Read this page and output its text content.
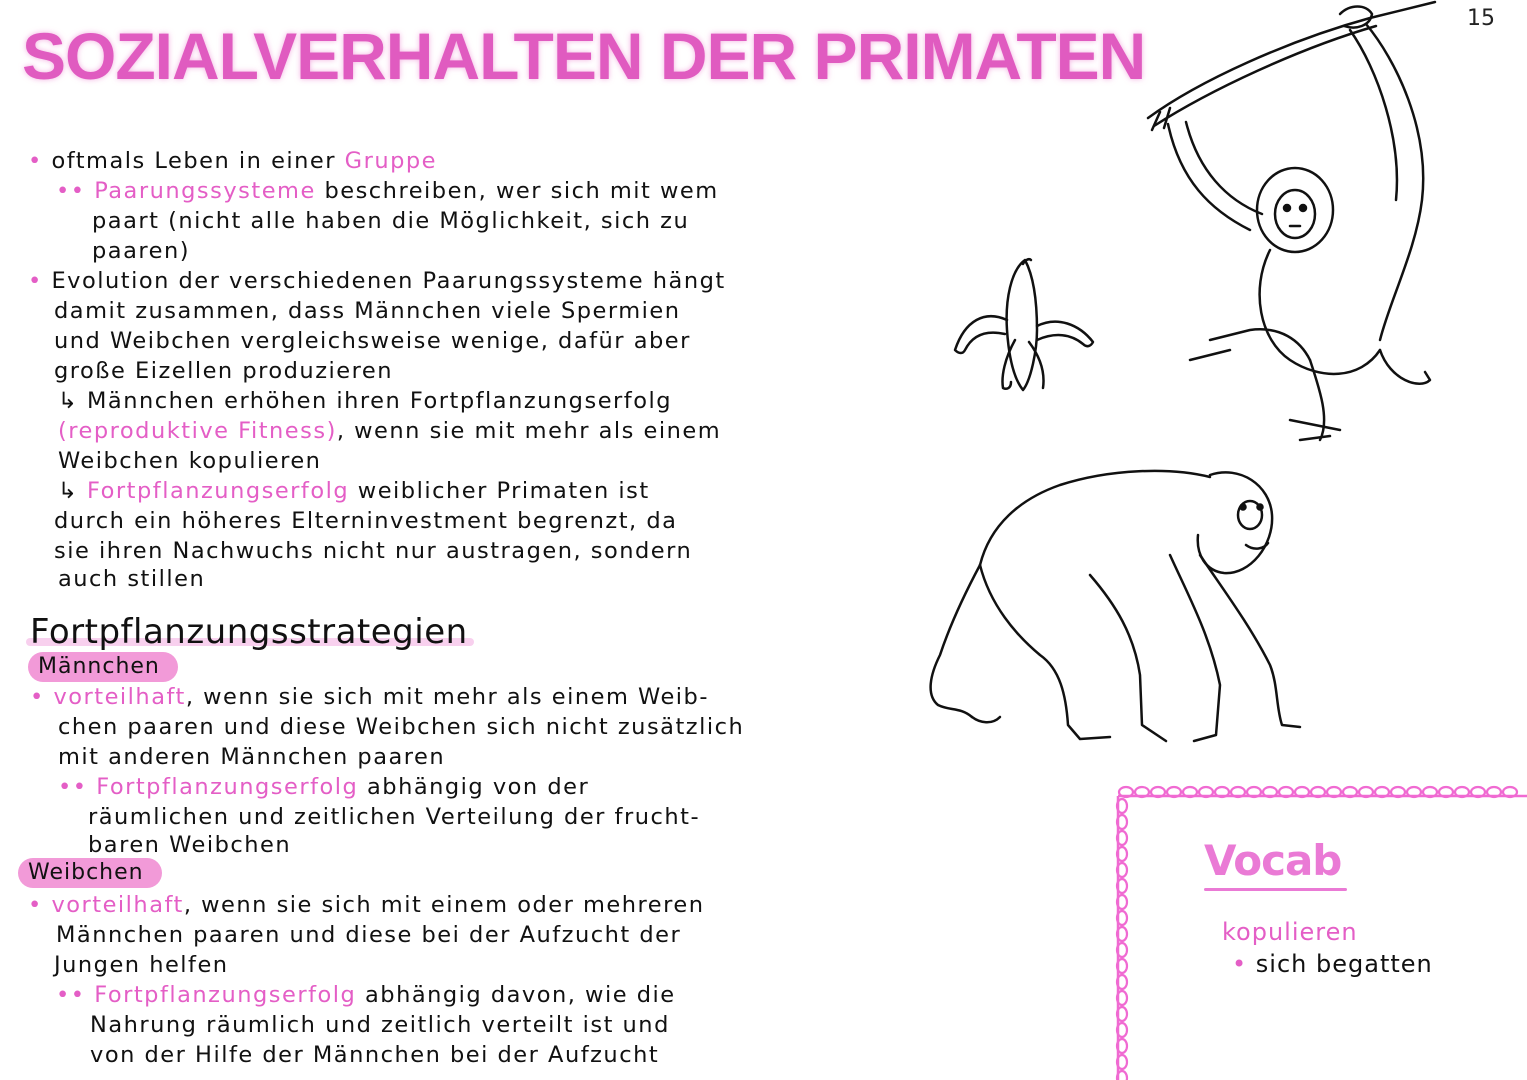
SOZIALVERHALTEN DER PRIMATEN
15
• oftmals Leben in einer Gruppe
•• Paarungssysteme beschreiben, wer sich mit wem
paart (nicht alle haben die Möglichkeit, sich zu
paaren)
• Evolution der verschiedenen Paarungssysteme hängt
damit zusammen, dass Männchen viele Spermien
und Weibchen vergleichsweise wenige, dafür aber
große Eizellen produzieren
↳ Männchen erhöhen ihren Fortpflanzungserfolg
(reproduktive Fitness), wenn sie mit mehr als einem
Weibchen kopulieren
↳ Fortpflanzungserfolg weiblicher Primaten ist
durch ein höheres Elterninvestment begrenzt, da
sie ihren Nachwuchs nicht nur austragen, sondern
auch stillen
Fortpflanzungsstrategien
Männchen
• vorteilhaft, wenn sie sich mit mehr als einem Weib-
chen paaren und diese Weibchen sich nicht zusätzlich
mit anderen Männchen paaren
•• Fortpflanzungserfolg abhängig von der
räumlichen und zeitlichen Verteilung der frucht-
baren Weibchen
Weibchen
• vorteilhaft, wenn sie sich mit einem oder mehreren
Männchen paaren und diese bei der Aufzucht der
Jungen helfen
•• Fortpflanzungserfolg abhängig davon, wie die
Nahrung räumlich und zeitlich verteilt ist und
von der Hilfe der Männchen bei der Aufzucht
Vocab
kopulieren
• sich begatten
